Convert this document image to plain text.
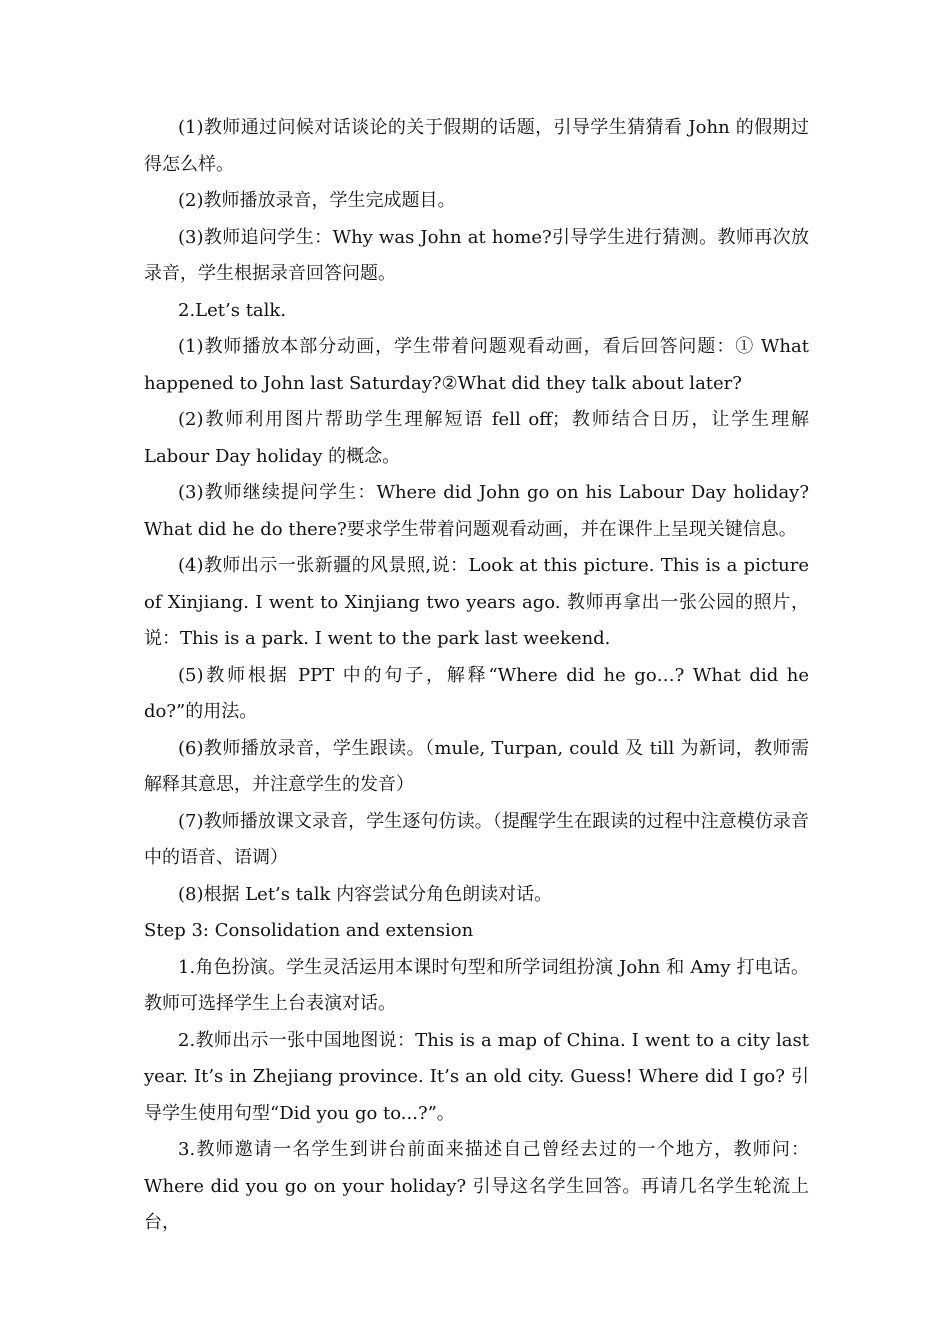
(1)教师通过问候对话谈论的关于假期的话题，引导学生猜猜看 John 的假期过得怎么样。

(2)教师播放录音，学生完成题目。

(3)教师追问学生：Why was John at home?引导学生进行猜测。教师再次放录音，学生根据录音回答问题。

2.Let’s talk.

(1)教师播放本部分动画，学生带着问题观看动画，看后回答问题：① What happened to John last Saturday?②What did they talk about later?

(2)教师利用图片帮助学生理解短语 fell off；教师结合日历，让学生理解 Labour Day holiday 的概念。

(3)教师继续提问学生：Where did John go on his Labour Day holiday? What did he do there?要求学生带着问题观看动画，并在课件上呈现关键信息。

(4)教师出示一张新疆的风景照,说：Look at this picture. This is a picture of Xinjiang. I went to Xinjiang two years ago. 教师再拿出一张公园的照片，说：This is a park. I went to the park last weekend.

(5)教师根据 PPT 中的句子，解释“Where did he go…? What did he do?”的用法。

(6)教师播放录音，学生跟读。（mule, Turpan, could 及 till 为新词，教师需解释其意思，并注意学生的发音）

(7)教师播放课文录音，学生逐句仿读。（提醒学生在跟读的过程中注意模仿录音中的语音、语调）

(8)根据 Let’s talk 内容尝试分角色朗读对话。

Step 3: Consolidation and extension

1.角色扮演。学生灵活运用本课时句型和所学词组扮演 John 和 Amy 打电话。教师可选择学生上台表演对话。

2.教师出示一张中国地图说：This is a map of China. I went to a city last year. It’s in Zhejiang province. It’s an old city. Guess! Where did I go? 引导学生使用句型“Did you go to...?”。

3.教师邀请一名学生到讲台前面来描述自己曾经去过的一个地方，教师问：Where did you go on your holiday? 引导这名学生回答。再请几名学生轮流上台，
